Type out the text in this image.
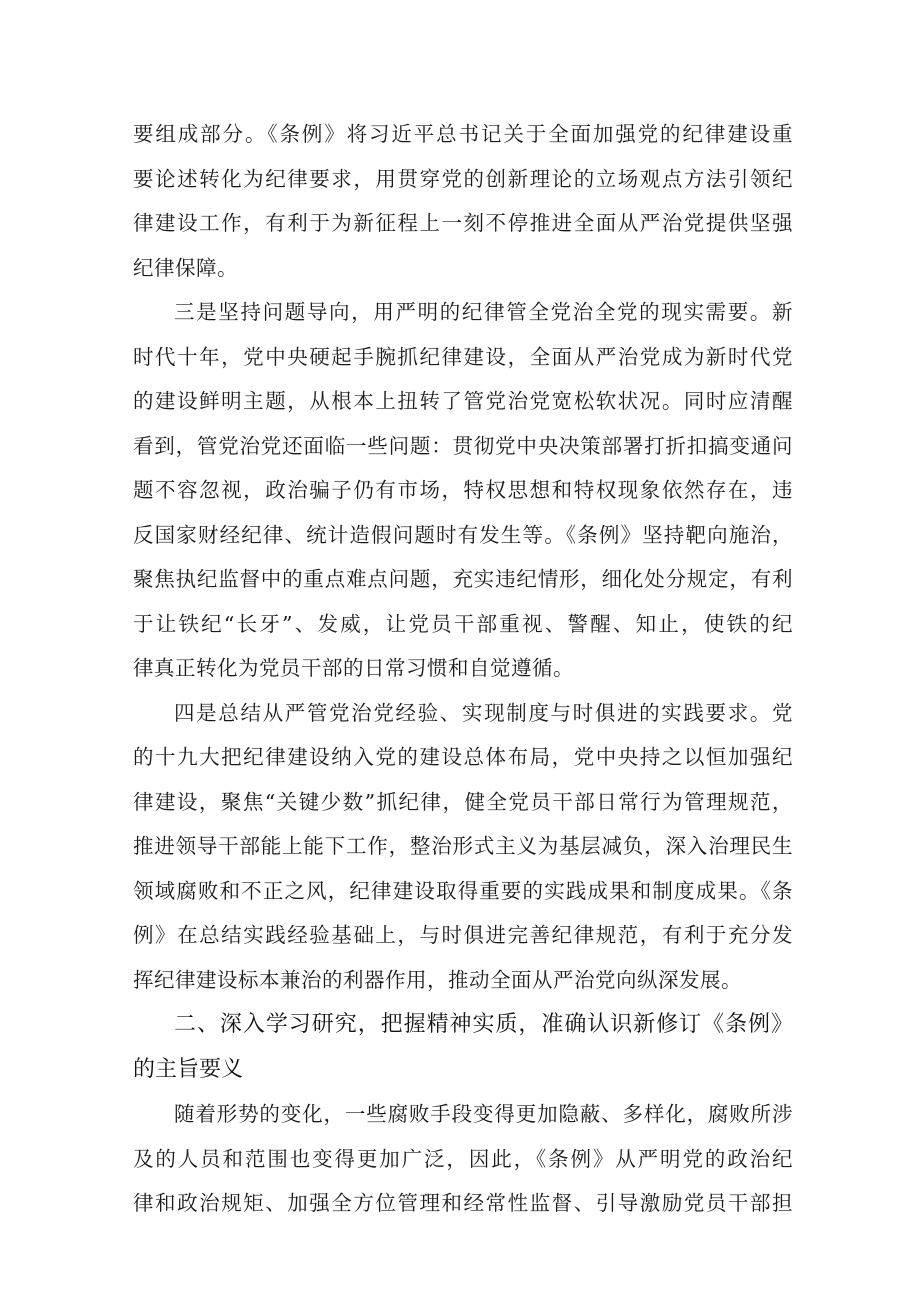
要组成部分。《条例》将习近平总书记关于全面加强党的纪律建设重
要论述转化为纪律要求，用贯穿党的创新理论的立场观点方法引领纪
律建设工作，有利于为新征程上一刻不停推进全面从严治党提供坚强
纪律保障。
三是坚持问题导向，用严明的纪律管全党治全党的现实需要。新
时代十年，党中央硬起手腕抓纪律建设，全面从严治党成为新时代党
的建设鲜明主题，从根本上扭转了管党治党宽松软状况。同时应清醒
看到，管党治党还面临一些问题：贯彻党中央决策部署打折扣搞变通问
题不容忽视，政治骗子仍有市场，特权思想和特权现象依然存在，违
反国家财经纪律、统计造假问题时有发生等。《条例》坚持靶向施治，
聚焦执纪监督中的重点难点问题，充实违纪情形，细化处分规定，有利
于让铁纪“长牙”、发威，让党员干部重视、警醒、知止，使铁的纪
律真正转化为党员干部的日常习惯和自觉遵循。
四是总结从严管党治党经验、实现制度与时俱进的实践要求。党
的十九大把纪律建设纳入党的建设总体布局，党中央持之以恒加强纪
律建设，聚焦“关键少数”抓纪律，健全党员干部日常行为管理规范，
推进领导干部能上能下工作，整治形式主义为基层减负，深入治理民生
领域腐败和不正之风，纪律建设取得重要的实践成果和制度成果。《条
例》在总结实践经验基础上，与时俱进完善纪律规范，有利于充分发
挥纪律建设标本兼治的利器作用，推动全面从严治党向纵深发展。
二、深入学习研究，把握精神实质，准确认识新修订《条例》
的主旨要义
随着形势的变化，一些腐败手段变得更加隐蔽、多样化，腐败所涉
及的人员和范围也变得更加广泛，因此，《条例》从严明党的政治纪
律和政治规矩、加强全方位管理和经常性监督、引导激励党员干部担
